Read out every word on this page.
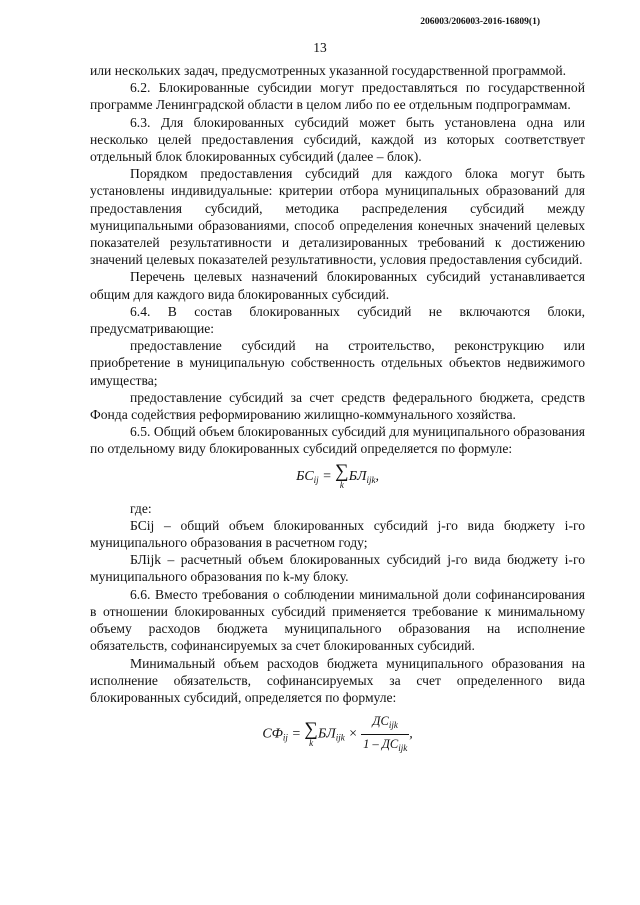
206003/206003-2016-16809(1)
13

или нескольких задач, предусмотренных указанной государственной программой.

6.2. Блокированные субсидии могут предоставляться по государственной программе Ленинградской области в целом либо по ее отдельным подпрограммам.

6.3. Для блокированных субсидий может быть установлена одна или несколько целей предоставления субсидий, каждой из которых соответствует отдельный блок блокированных субсидий (далее – блок).

Порядком предоставления субсидий для каждого блока могут быть установлены индивидуальные: критерии отбора муниципальных образований для предоставления субсидий, методика распределения субсидий между муниципальными образованиями, способ определения конечных значений целевых показателей результативности и детализированных требований к достижению значений целевых показателей результативности, условия предоставления субсидий.

Перечень целевых назначений блокированных субсидий устанавливается общим для каждого вида блокированных субсидий.

6.4. В состав блокированных субсидий не включаются блоки, предусматривающие:

предоставление субсидий на строительство, реконструкцию или приобретение в муниципальную собственность отдельных объектов недвижимого имущества;

предоставление субсидий за счет средств федерального бюджета, средств Фонда содействия реформированию жилищно-коммунального хозяйства.

6.5. Общий объем блокированных субсидий для муниципального образования по отдельному виду блокированных субсидий определяется по формуле:

$БС_{ij}$ = ∑
k
$БЛ_{ijk}$,

где:

БСij – общий объем блокированных субсидий j-го вида бюджету i-го муниципального образования в расчетном году;

БЛijk – расчетный объем блокированных субсидий j-го вида бюджету i-го муниципального образования по k-му блоку.

6.6. Вместо требования о соблюдении минимальной доли софинансирования в отношении блокированных субсидий применяется требование к минимальному объему расходов бюджета муниципального образования на исполнение обязательств, софинансируемых за счет блокированных субсидий.

Минимальный объем расходов бюджета муниципального образования на исполнение обязательств, софинансируемых за счет определенного вида блокированных субсидий, определяется по формуле:

$СФ_{ij}$ = ∑
k
$БЛ_{ijk} \times \frac{ДС_{ijk}}{1 - ДС_{ijk}}$ ,
